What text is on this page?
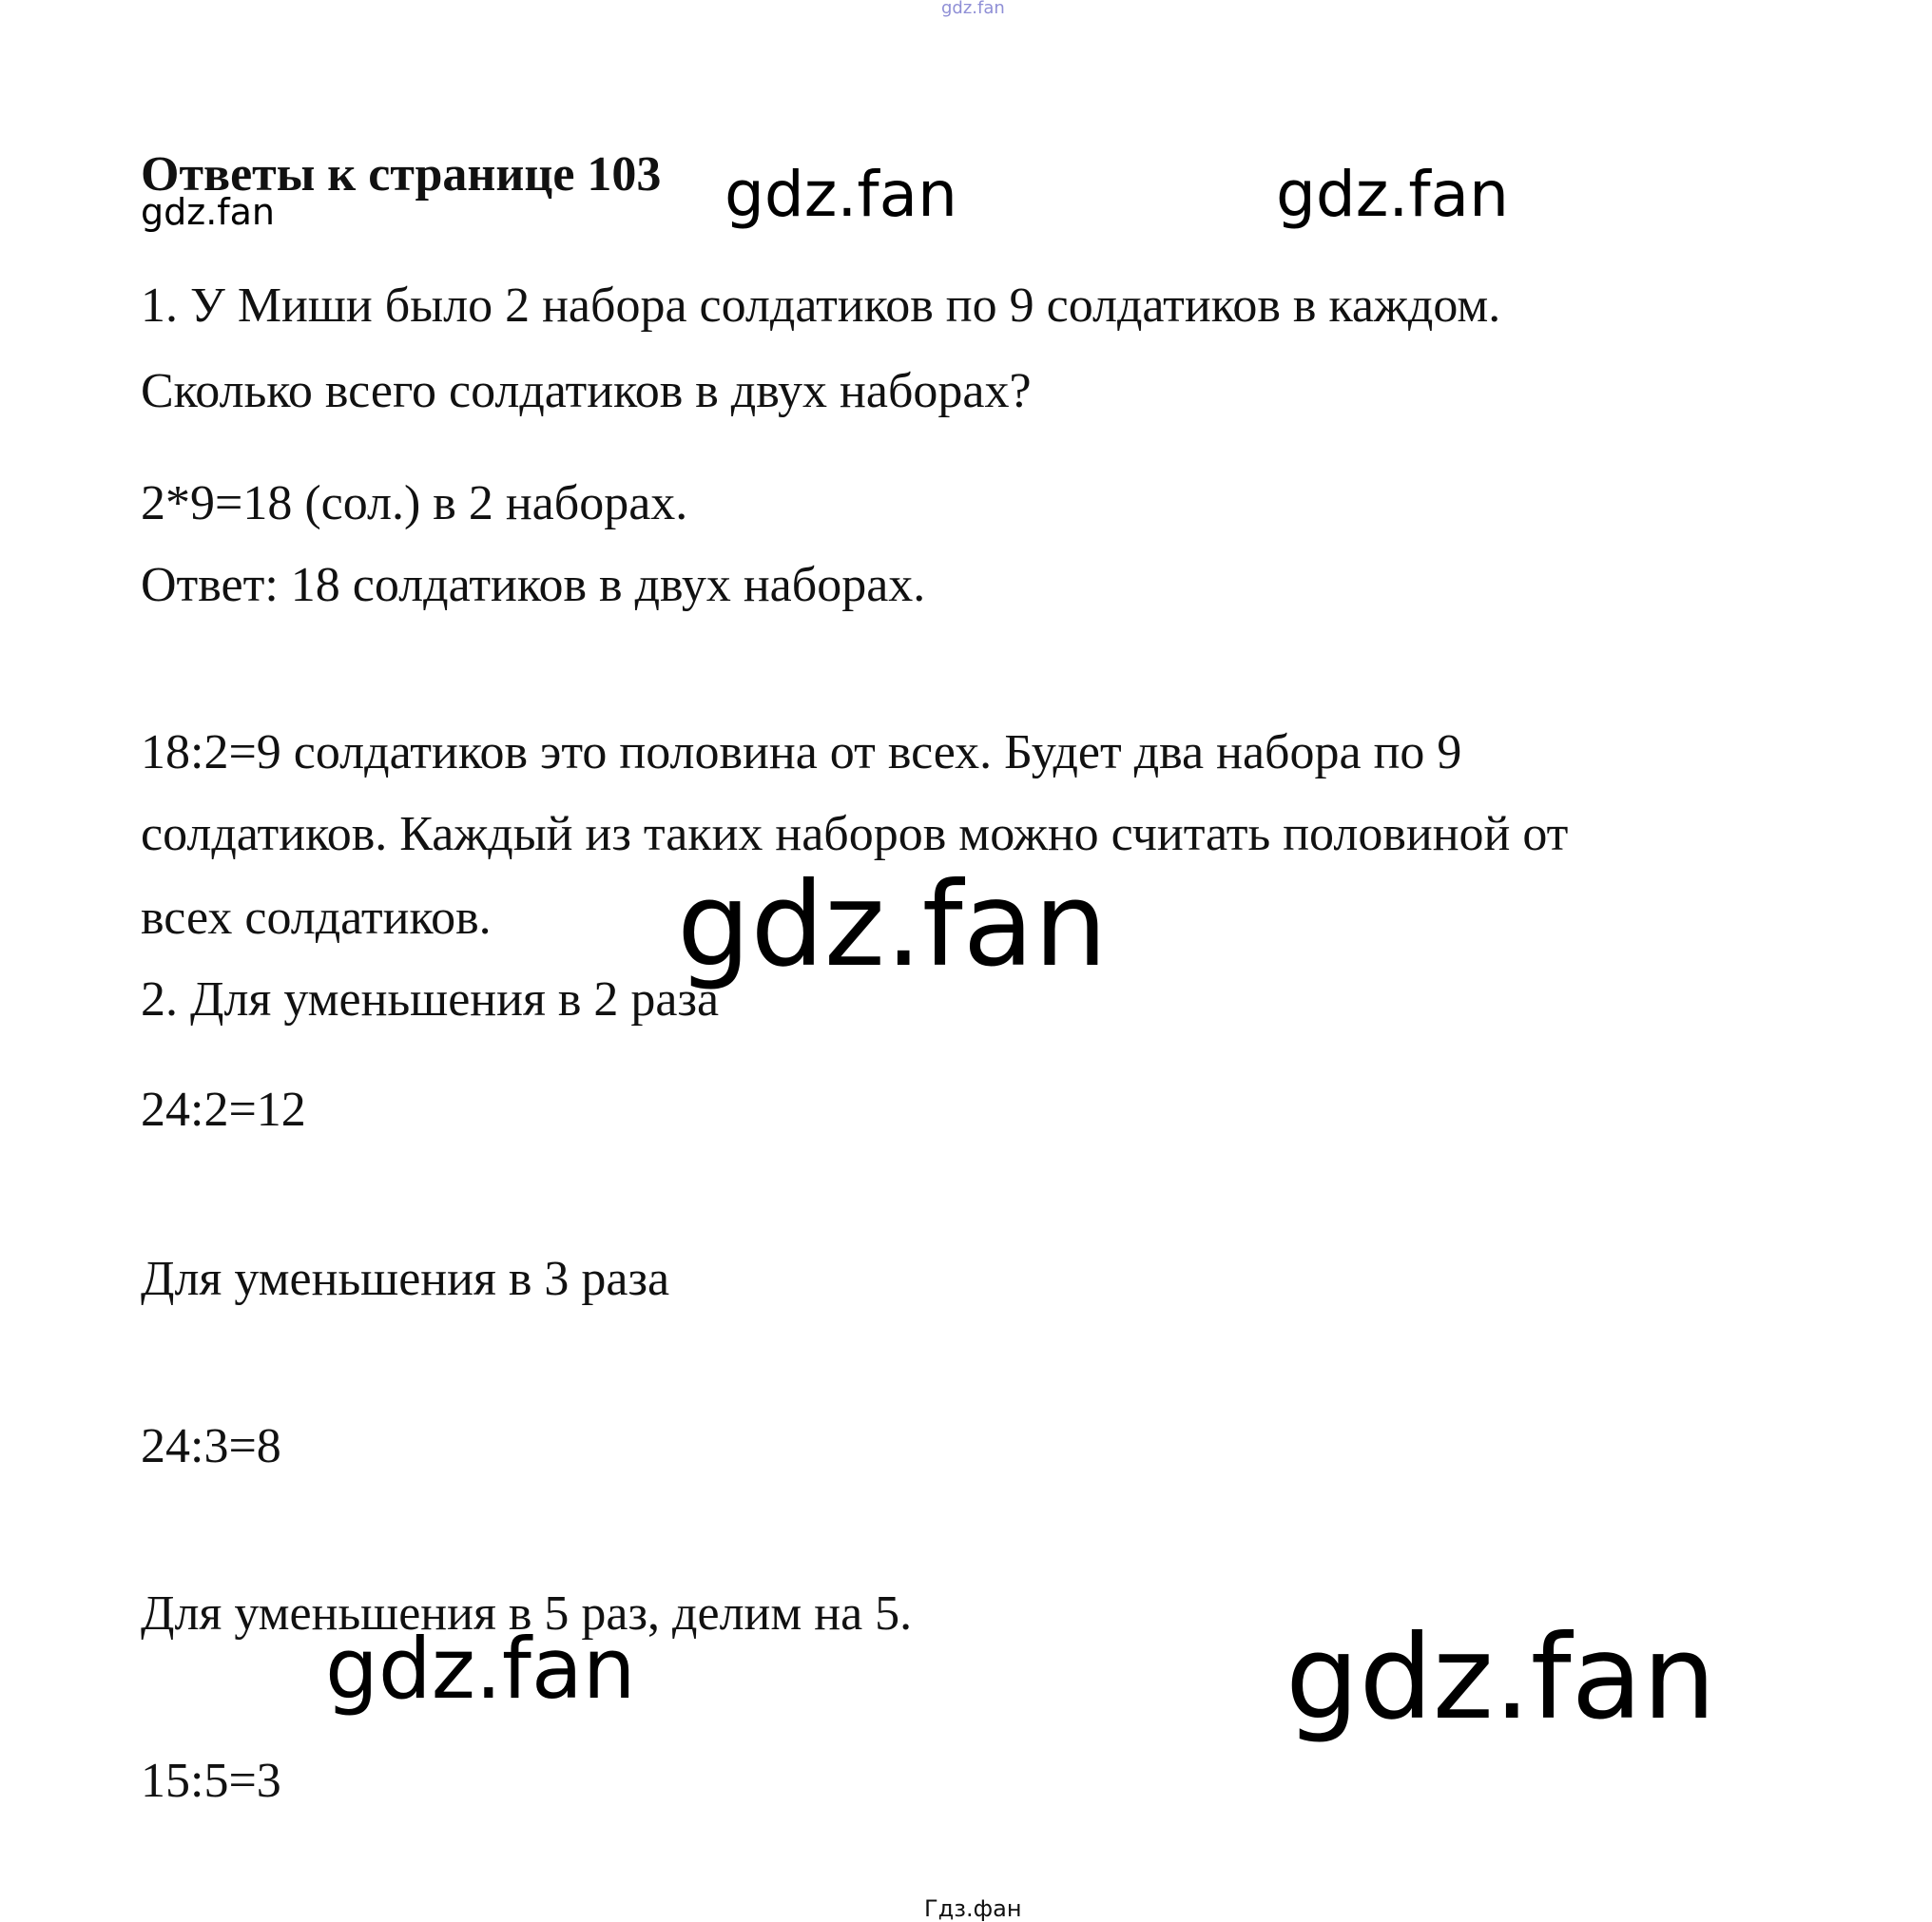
gdz.fan
Ответы к странице 103
gdz.fan	gdz.fan	gdz.fan
1. У Миши было 2 набора солдатиков по 9 солдатиков в каждом.
Сколько всего солдатиков в двух наборах?
2*9=18 (сол.) в 2 наборах.
Ответ: 18 солдатиков в двух наборах.
18:2=9 солдатиков это половина от всех. Будет два набора по 9
солдатиков. Каждый из таких наборов можно считать половиной от
всех солдатиков. gdz.fan
2. Для уменьшения в 2 раза
24:2=12
Для уменьшения в 3 раза
24:3=8
Для уменьшения в 5 раз, делим на 5.
gdz.fan	gdz.fan
15:5=3
Гдз.фан
